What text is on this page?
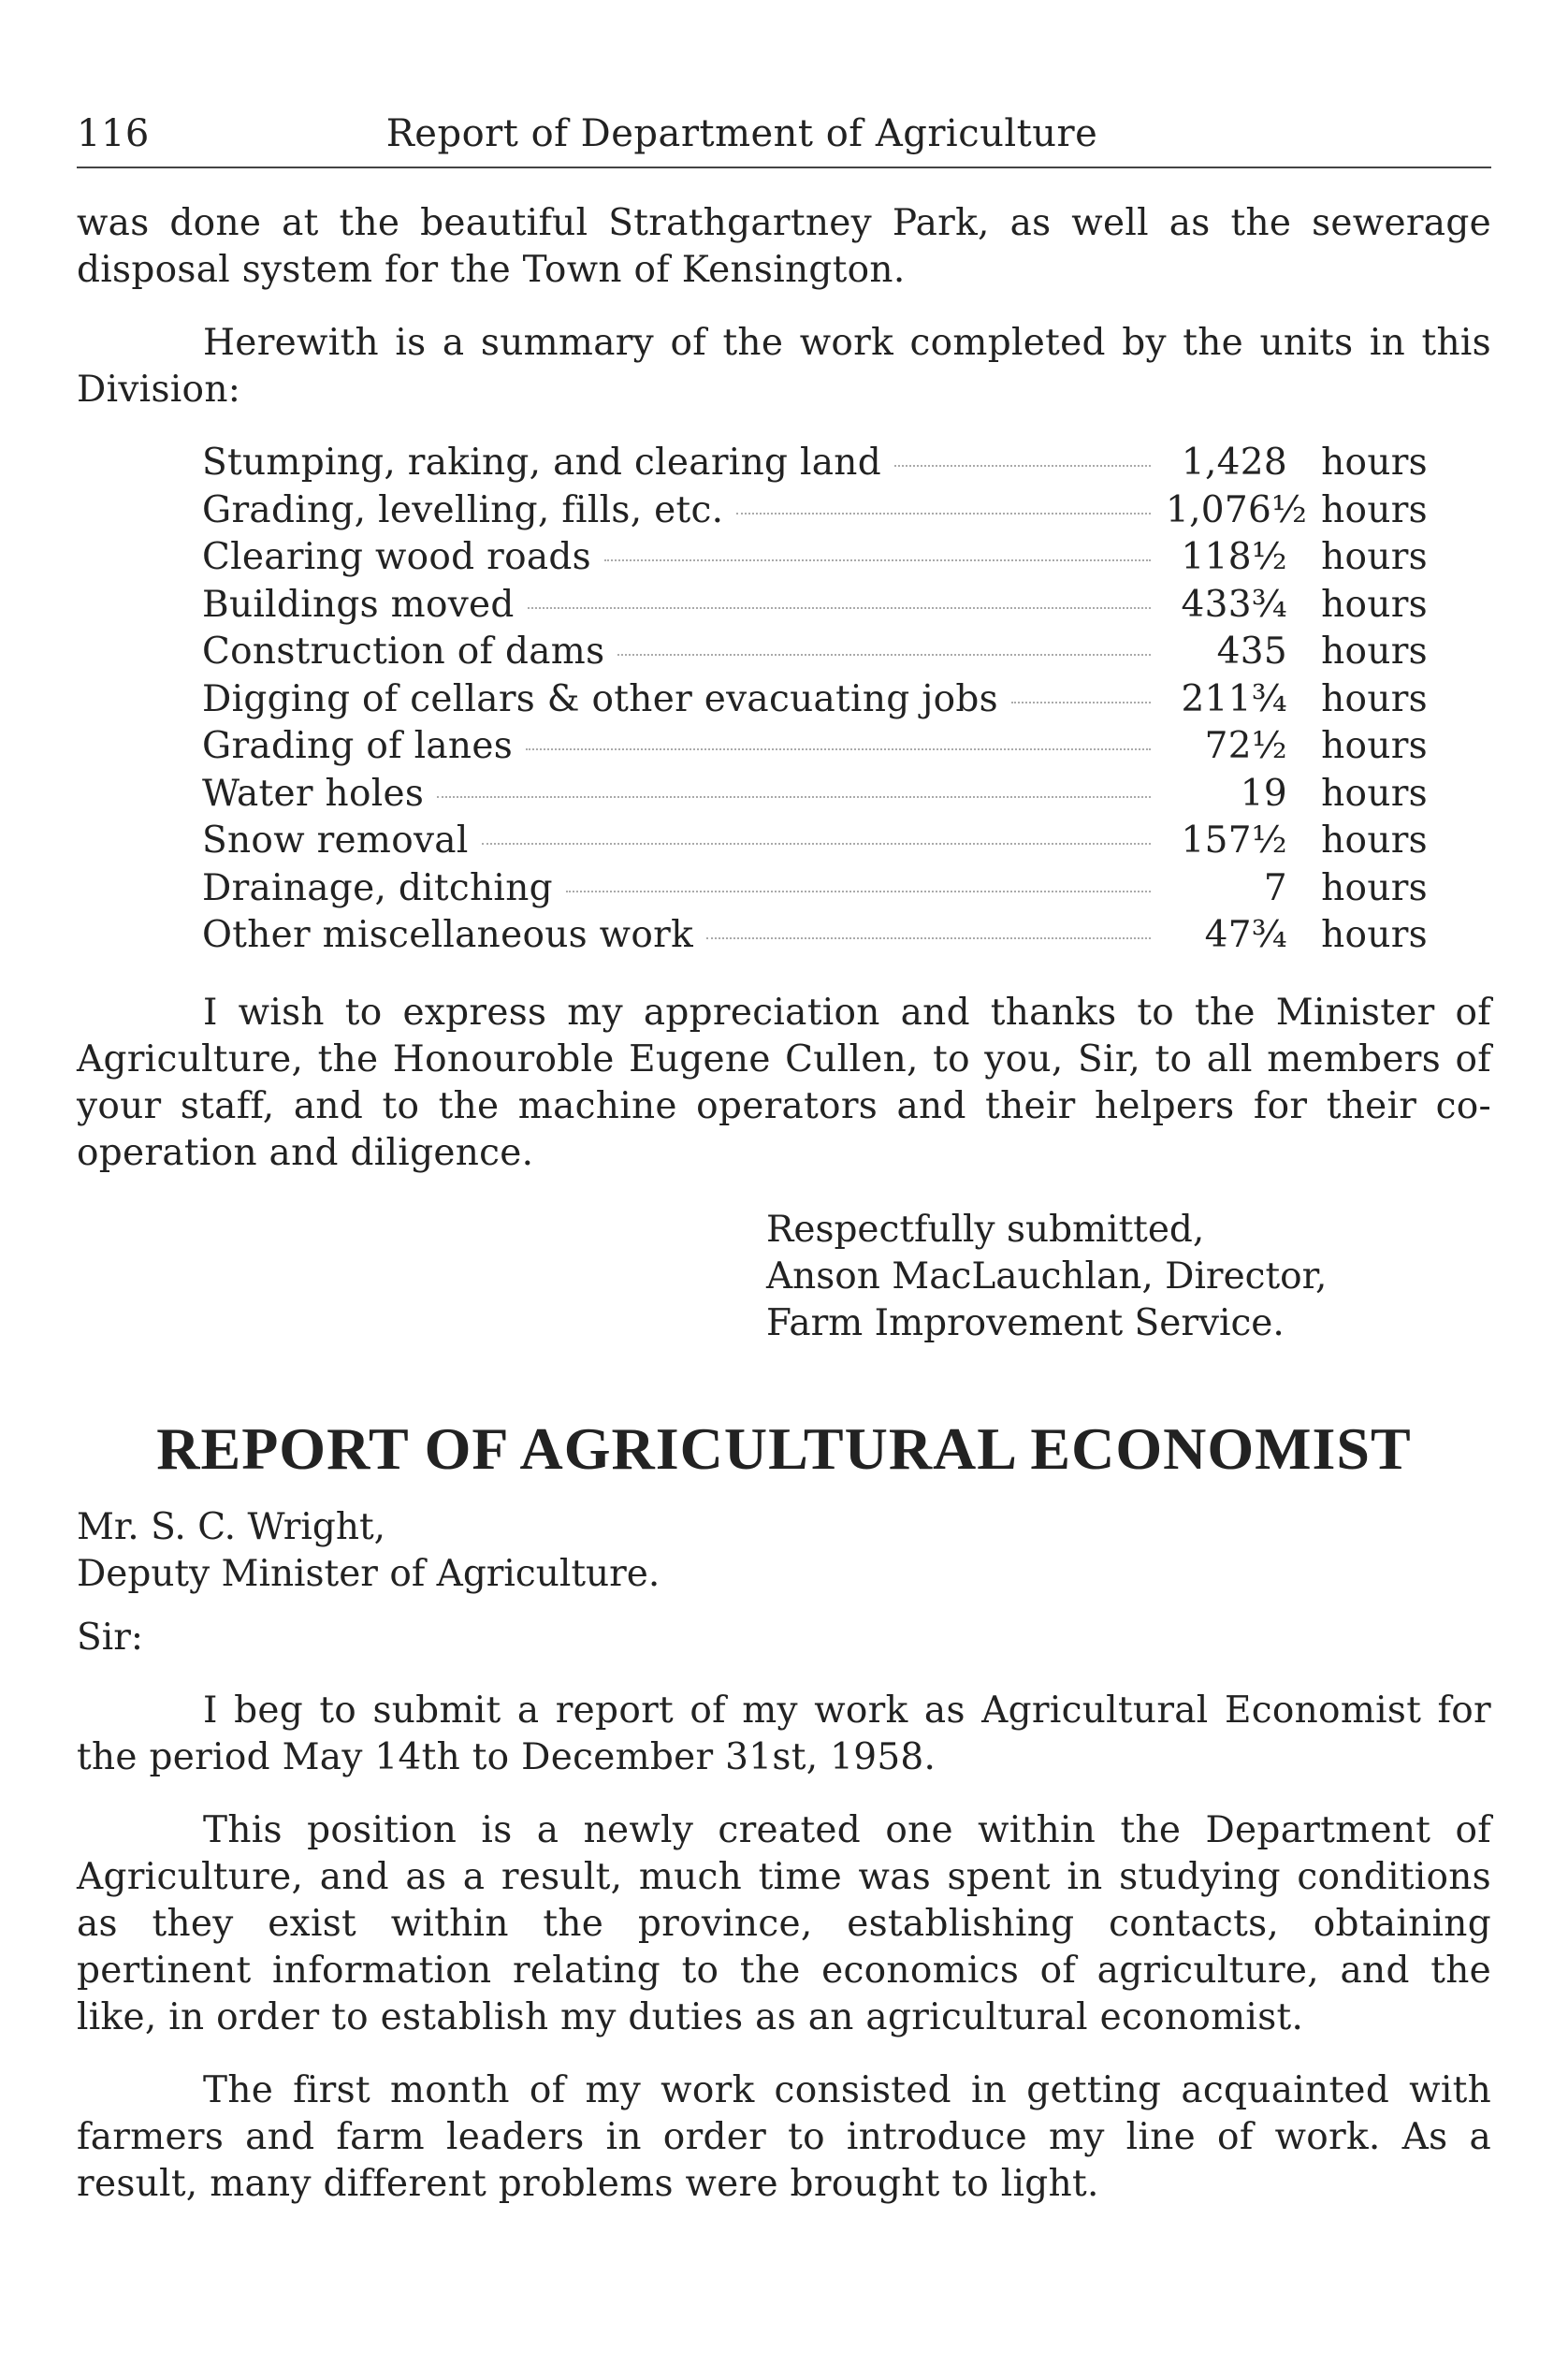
116	Report of Department of Agriculture

was done at the beautiful Strathgartney Park, as well as the sewerage disposal system for the Town of Kensington.

Herewith is a summary of the work completed by the units in this Division:

Stumping, raking, and clearing land	1,428 hours
Grading, levelling, fills, etc.	1,076½ hours
Clearing wood roads	118½ hours
Buildings moved	433¾ hours
Construction of dams	435 hours
Digging of cellars & other evacuating jobs	211¾ hours
Grading of lanes	72½ hours
Water holes	19 hours
Snow removal	157½ hours
Drainage, ditching	7 hours
Other miscellaneous work	47¾ hours

I wish to express my appreciation and thanks to the Minister of Agriculture, the Honouroble Eugene Cullen, to you, Sir, to all members of your staff, and to the machine operators and their helpers for their co-operation and diligence.

Respectfully submitted,
Anson MacLauchlan, Director,
Farm Improvement Service.
REPORT OF AGRICULTURAL ECONOMIST
Mr. S. C. Wright,
Deputy Minister of Agriculture.
Sir:

I beg to submit a report of my work as Agricultural Economist for the period May 14th to December 31st, 1958.

This position is a newly created one within the Department of Agriculture, and as a result, much time was spent in studying conditions as they exist within the province, establishing contacts, obtaining pertinent information relating to the economics of agriculture, and the like, in order to establish my duties as an agricultural economist.

The first month of my work consisted in getting acquainted with farmers and farm leaders in order to introduce my line of work. As a result, many different problems were brought to light.
